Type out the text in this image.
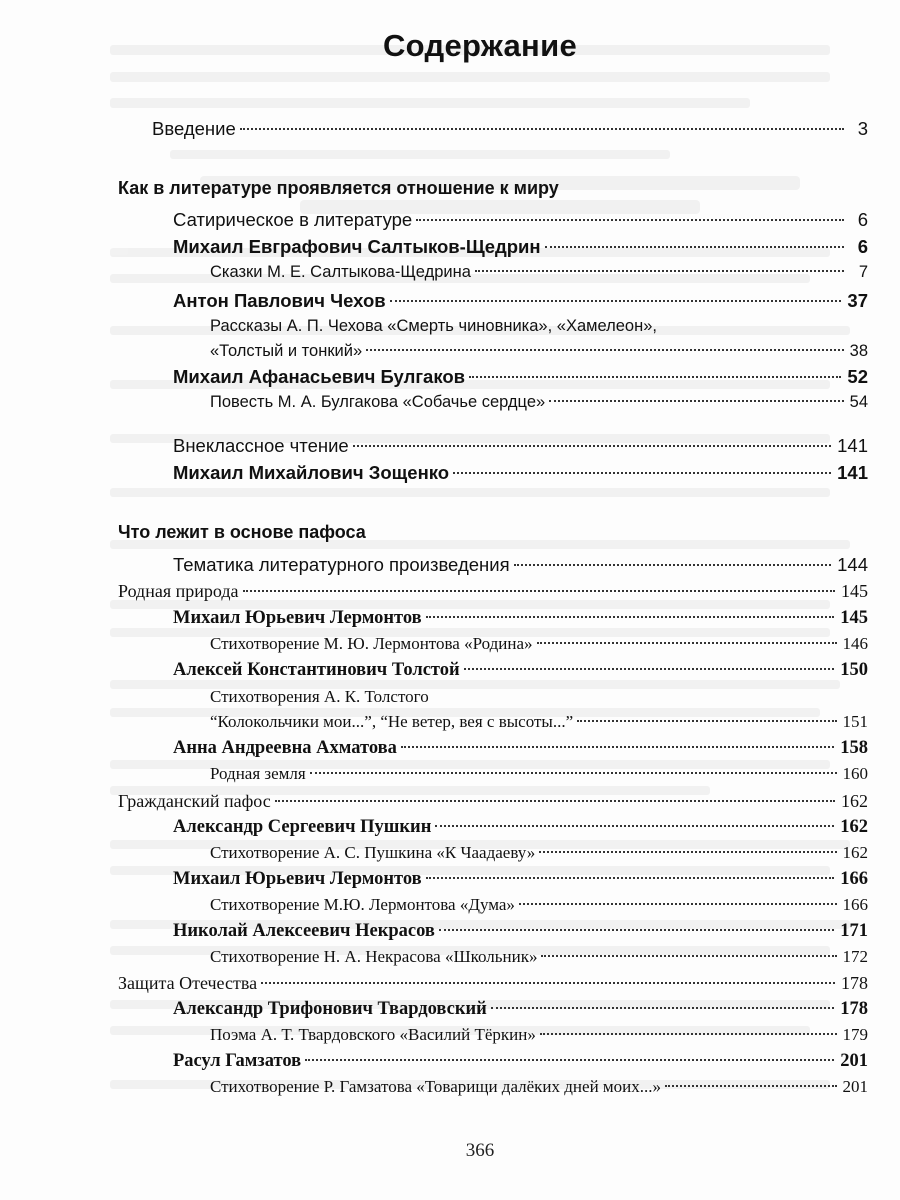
Содержание
Введение	3
Как в литературе проявляется отношение к миру
Сатирическое в литературе	6
Михаил Евграфович Салтыков-Щедрин	6
Сказки М. Е. Салтыкова-Щедрина	7
Антон Павлович Чехов	37
Рассказы А. П. Чехова «Смерть чиновника», «Хамелеон»,
«Толстый и тонкий»	38
Михаил Афанасьевич Булгаков	52
Повесть М. А. Булгакова «Собачье сердце»	54
Внеклассное чтение	141
Михаил Михайлович Зощенко	141
Что лежит в основе пафоса
Тематика литературного произведения	144
Родная природа	145
Михаил Юрьевич Лермонтов	145
Стихотворение М. Ю. Лермонтова «Родина»	146
Алексей Константинович Толстой	150
Стихотворения А. К. Толстого
“Колокольчики мои...”, “Не ветер, вея с высоты...”	151
Анна Андреевна Ахматова	158
Родная земля	160
Гражданский пафос	162
Александр Сергеевич Пушкин	162
Стихотворение А. С. Пушкина «К Чаадаеву»	162
Михаил Юрьевич Лермонтов	166
Стихотворение М.Ю. Лермонтова «Дума»	166
Николай Алексеевич Некрасов	171
Стихотворение Н. А. Некрасова «Школьник»	172
Защита Отечества	178
Александр Трифонович Твардовский	178
Поэма А. Т. Твардовского «Василий Тёркин»	179
Расул Гамзатов	201
Стихотворение Р. Гамзатова «Товарищи далёких дней моих...»	201
366
